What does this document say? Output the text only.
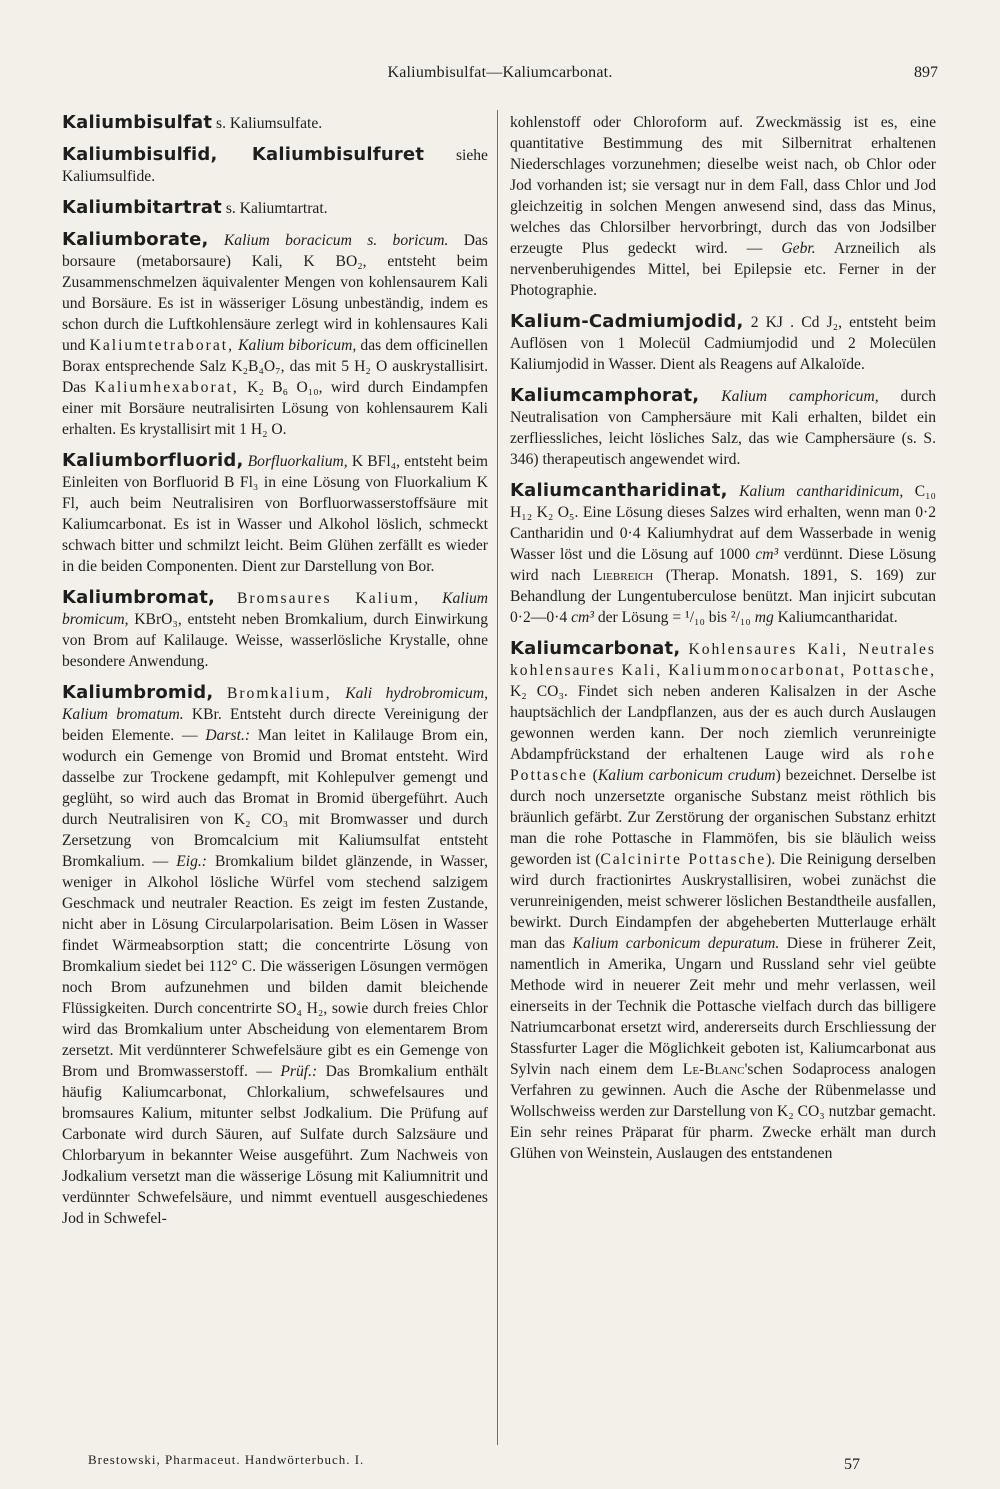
Kaliumbisulfat—Kaliumcarbonat.	897

Kaliumbisulfat s. Kaliumsulfate.

Kaliumbisulfid, Kaliumbisulfuret siehe Kaliumsulfide.

Kaliumbitartrat s. Kaliumtartrat.

Kaliumborate, Kalium boracicum s. boricum. Das borsaure (metaborsaure) Kali, K BO₂, entsteht beim Zusammenschmelzen äquivalenter Mengen von kohlensaurem Kali und Borsäure. Es ist in wässeriger Lösung unbeständig, indem es schon durch die Luftkohlensäure zerlegt wird in kohlensaures Kali und Kaliumtetraborat, Kalium biboricum, das dem officinellen Borax entsprechende Salz K₂B₄O₇, das mit 5 H₂ O auskrystallisirt. Das Kaliumhexaborat, K₂ B₆ O₁₀, wird durch Eindampfen einer mit Borsäure neutralisirten Lösung von kohlensaurem Kali erhalten. Es krystallisirt mit 1 H₂ O.

Kaliumborfluorid, Borfluorkalium, K BFl₄, entsteht beim Einleiten von Borfluorid B Fl₃ in eine Lösung von Fluorkalium K Fl, auch beim Neutralisiren von Borfluorwasserstoffsäure mit Kaliumcarbonat. Es ist in Wasser und Alkohol löslich, schmeckt schwach bitter und schmilzt leicht. Beim Glühen zerfällt es wieder in die beiden Componenten. Dient zur Darstellung von Bor.

Kaliumbromat, Bromsaures Kalium, Kalium bromicum, KBrO₃, entsteht neben Bromkalium, durch Einwirkung von Brom auf Kalilauge. Weisse, wasserlösliche Krystalle, ohne besondere Anwendung.

Kaliumbromid, Bromkalium, Kali hydrobromicum, Kalium bromatum. KBr. Entsteht durch directe Vereinigung der beiden Elemente. — Darst.: Man leitet in Kalilauge Brom ein, wodurch ein Gemenge von Bromid und Bromat entsteht. Wird dasselbe zur Trockene gedampft, mit Kohlepulver gemengt und geglüht, so wird auch das Bromat in Bromid übergeführt. Auch durch Neutralisiren von K₂ CO₃ mit Bromwasser und durch Zersetzung von Bromcalcium mit Kaliumsulfat entsteht Bromkalium. — Eig.: Bromkalium bildet glänzende, in Wasser, weniger in Alkohol lösliche Würfel vom stechend salzigem Geschmack und neutraler Reaction. Es zeigt im festen Zustande, nicht aber in Lösung Circularpolarisation. Beim Lösen in Wasser findet Wärmeabsorption statt; die concentrirte Lösung von Bromkalium siedet bei 112° C. Die wässerigen Lösungen vermögen noch Brom aufzunehmen und bilden damit bleichende Flüssigkeiten. Durch concentrirte SO₄ H₂, sowie durch freies Chlor wird das Bromkalium unter Abscheidung von elementarem Brom zersetzt. Mit verdünnterer Schwefelsäure gibt es ein Gemenge von Brom und Bromwasserstoff. — Prüf.: Das Bromkalium enthält häufig Kaliumcarbonat, Chlorkalium, schwefelsaures und bromsaures Kalium, mitunter selbst Jodkalium. Die Prüfung auf Carbonate wird durch Säuren, auf Sulfate durch Salzsäure und Chlorbaryum in bekannter Weise ausgeführt. Zum Nachweis von Jodkalium versetzt man die wässerige Lösung mit Kaliumnitrit und verdünnter Schwefelsäure, und nimmt eventuell ausgeschiedenes Jod in Schwefel-

kohlenstoff oder Chloroform auf. Zweckmässig ist es, eine quantitative Bestimmung des mit Silbernitrat erhaltenen Niederschlages vorzunehmen; dieselbe weist nach, ob Chlor oder Jod vorhanden ist; sie versagt nur in dem Fall, dass Chlor und Jod gleichzeitig in solchen Mengen anwesend sind, dass das Minus, welches das Chlorsilber hervorbringt, durch das von Jodsilber erzeugte Plus gedeckt wird. — Gebr. Arzneilich als nervenberuhigendes Mittel, bei Epilepsie etc. Ferner in der Photographie.

Kalium-Cadmiumjodid, 2 KJ . Cd J₂, entsteht beim Auflösen von 1 Molecül Cadmiumjodid und 2 Molecülen Kaliumjodid in Wasser. Dient als Reagens auf Alkaloïde.

Kaliumcamphorat, Kalium camphoricum, durch Neutralisation von Camphersäure mit Kali erhalten, bildet ein zerfliessliches, leicht lösliches Salz, das wie Camphersäure (s. S. 346) therapeutisch angewendet wird.

Kaliumcantharidinat, Kalium cantharidinicum, C₁₀ H₁₂ K₂ O₅. Eine Lösung dieses Salzes wird erhalten, wenn man 0·2 Cantharidin und 0·4 Kaliumhydrat auf dem Wasserbade in wenig Wasser löst und die Lösung auf 1000 cm³ verdünnt. Diese Lösung wird nach Liebreich (Therap. Monatsh. 1891, S. 169) zur Behandlung der Lungentuberculose benützt. Man injicirt subcutan 0·2—0·4 cm³ der Lösung = ¹/₁₀ bis ²/₁₀ mg Kaliumcantharidat.

Kaliumcarbonat, Kohlensaures Kali, Neutrales kohlensaures Kali, Kaliummonocarbonat, Pottasche, K₂ CO₃. Findet sich neben anderen Kalisalzen in der Asche hauptsächlich der Landpflanzen, aus der es auch durch Auslaugen gewonnen werden kann. Der noch ziemlich verunreinigte Abdampfrückstand der erhaltenen Lauge wird als rohe Pottasche (Kalium carbonicum crudum) bezeichnet. Derselbe ist durch noch unzersetzte organische Substanz meist röthlich bis bräunlich gefärbt. Zur Zerstörung der organischen Substanz erhitzt man die rohe Pottasche in Flammöfen, bis sie bläulich weiss geworden ist (Calcinirte Pottasche). Die Reinigung derselben wird durch fractionirtes Auskrystallisiren, wobei zunächst die verunreinigenden, meist schwerer löslichen Bestandtheile ausfallen, bewirkt. Durch Eindampfen der abgeheberten Mutterlauge erhält man das Kalium carbonicum depuratum. Diese in früherer Zeit, namentlich in Amerika, Ungarn und Russland sehr viel geübte Methode wird in neuerer Zeit mehr und mehr verlassen, weil einerseits in der Technik die Pottasche vielfach durch das billigere Natriumcarbonat ersetzt wird, andererseits durch Erschliessung der Stassfurter Lager die Möglichkeit geboten ist, Kaliumcarbonat aus Sylvin nach einem dem Le-Blanc'schen Sodaprocess analogen Verfahren zu gewinnen. Auch die Asche der Rübenmelasse und Wollschweiss werden zur Darstellung von K₂ CO₃ nutzbar gemacht. Ein sehr reines Präparat für pharm. Zwecke erhält man durch Glühen von Weinstein, Auslaugen des entstandenen

Brestowski, Pharmaceut. Handwörterbuch. I.	57
